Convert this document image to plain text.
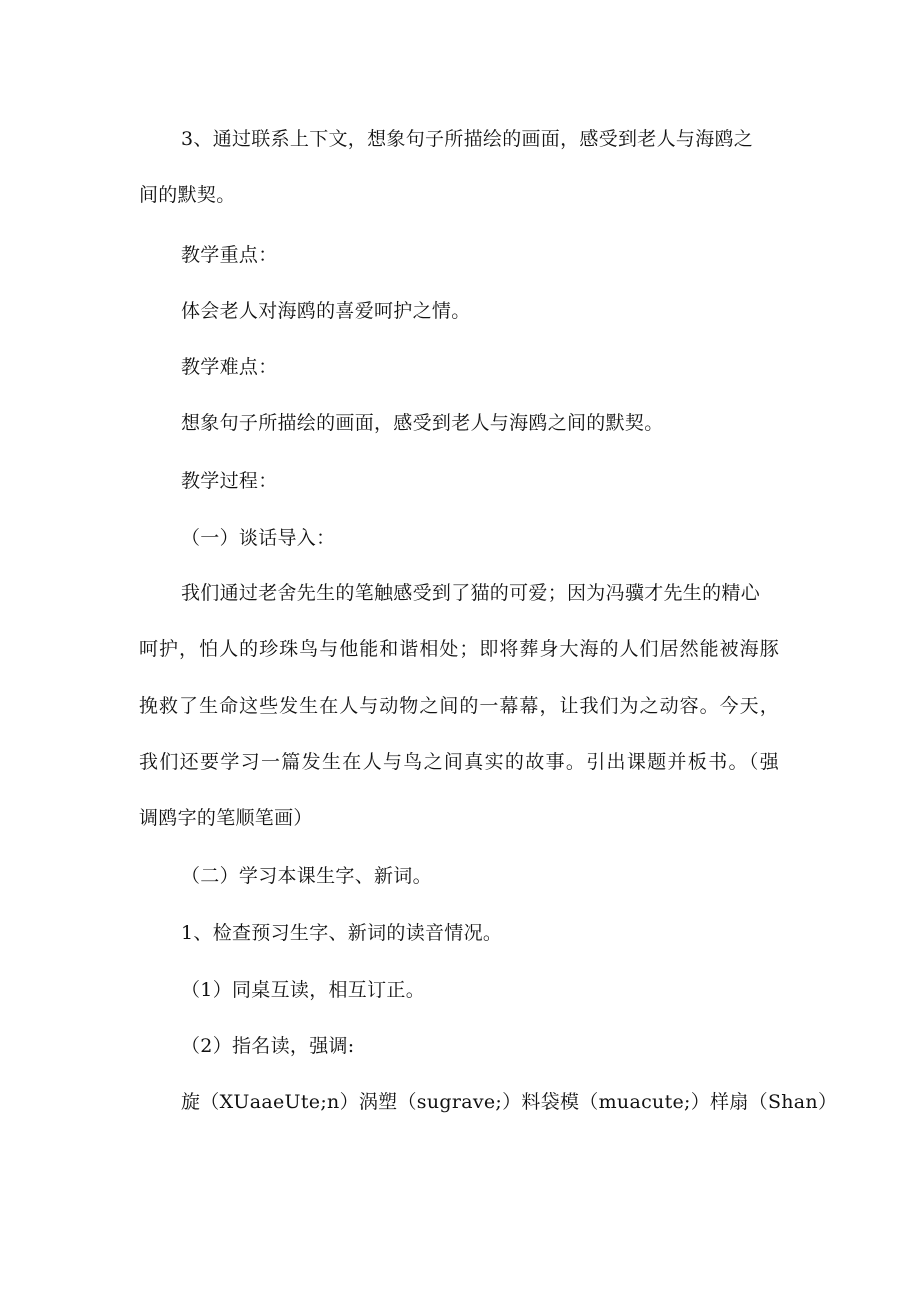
3、通过联系上下文，想象句子所描绘的画面，感受到老人与海鸥之
间的默契。
教学重点：
体会老人对海鸥的喜爱呵护之情。
教学难点：
想象句子所描绘的画面，感受到老人与海鸥之间的默契。
教学过程：
（一）谈话导入：
我们通过老舍先生的笔触感受到了猫的可爱；因为冯骥才先生的精心
呵护，怕人的珍珠鸟与他能和谐相处；即将葬身大海的人们居然能被海豚
挽救了生命这些发生在人与动物之间的一幕幕，让我们为之动容。今天，
我们还要学习一篇发生在人与鸟之间真实的故事。引出课题并板书。（强
调鸥字的笔顺笔画）
（二）学习本课生字、新词。
1、检查预习生字、新词的读音情况。
（1）同桌互读，相互订正。
（2）指名读，强调:
旋（XUaaeUte;n）涡塑（sugrave;）料袋模（muacute;）样扇（Shan）
